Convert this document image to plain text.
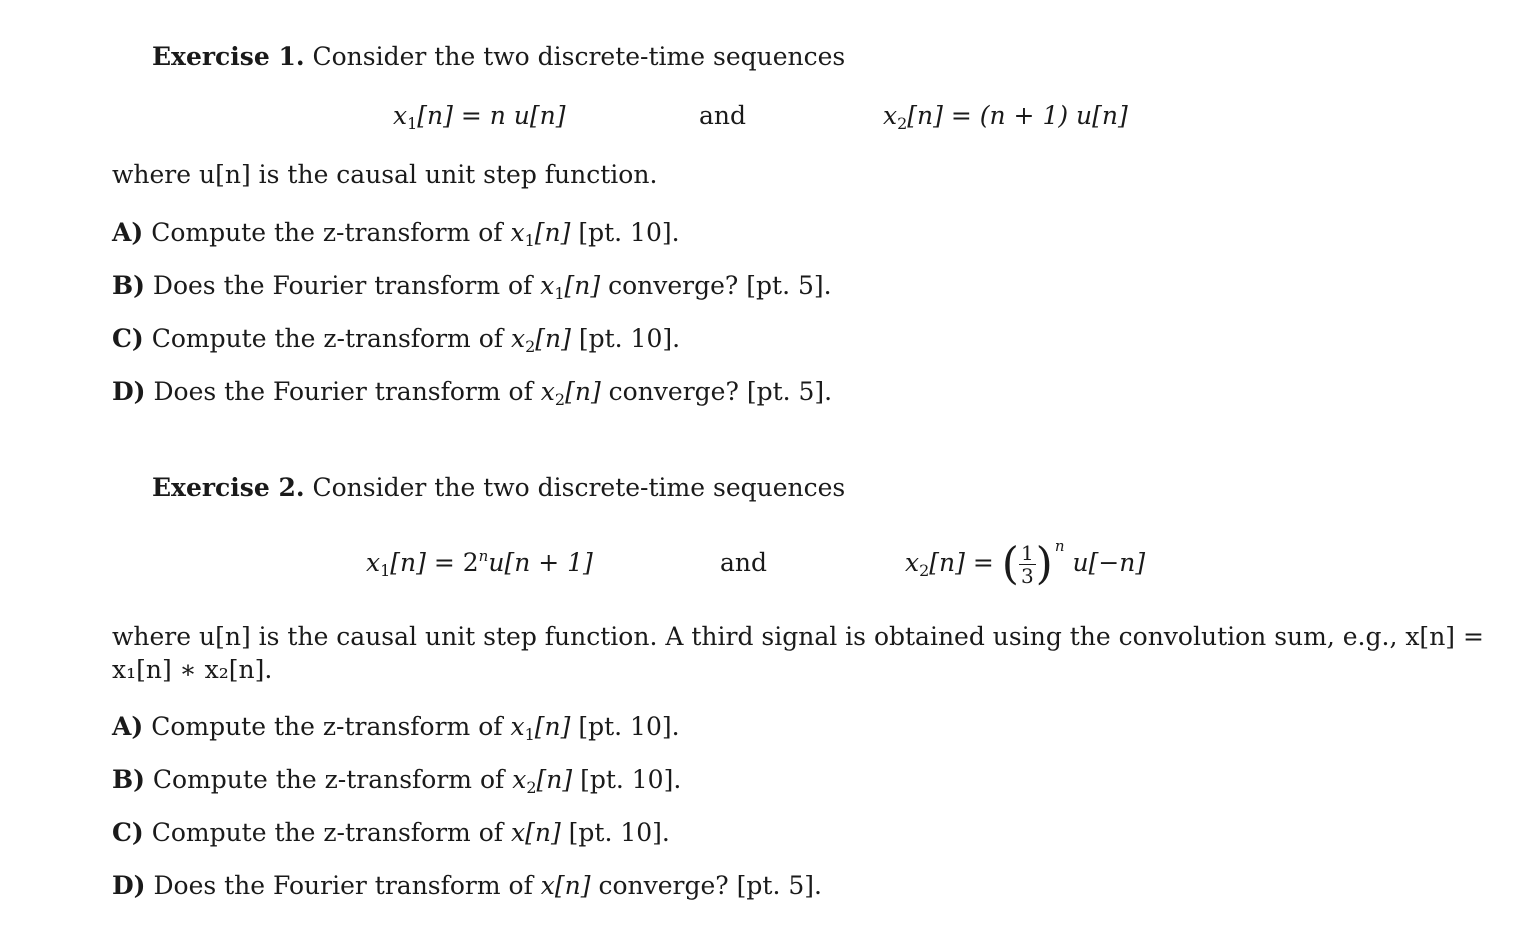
Exercise 1. Consider the two discrete-time sequences
$x_1[n] = n$ u[n]	and	$x_2[n] = (n + 1)$ u[n]
where u[n] is the causal unit step function.
A) Compute the z-transform of $x_1[n]$ [pt. 10].
B) Does the Fourier transform of $x_1[n]$ converge? [pt. 5].
C) Compute the z-transform of $x_2[n]$ [pt. 10].
D) Does the Fourier transform of $x_2[n]$ converge? [pt. 5].
Exercise 2. Consider the two discrete-time sequences
$x_1[n] = 2^nu[n + 1]$	and	$x_2[n]$ = ( $\frac{1}{3}$ ) $^n$ u[−n]
where u[n] is the causal unit step function. A third signal is obtained using the convolution sum, e.g., x[n] =
x₁[n] ∗ x₂[n].
A) Compute the z-transform of $x_1[n]$ [pt. 10].
B) Compute the z-transform of $x_2[n]$ [pt. 10].
C) Compute the z-transform of x[n] [pt. 10].
D) Does the Fourier transform of x[n] converge? [pt. 5].
